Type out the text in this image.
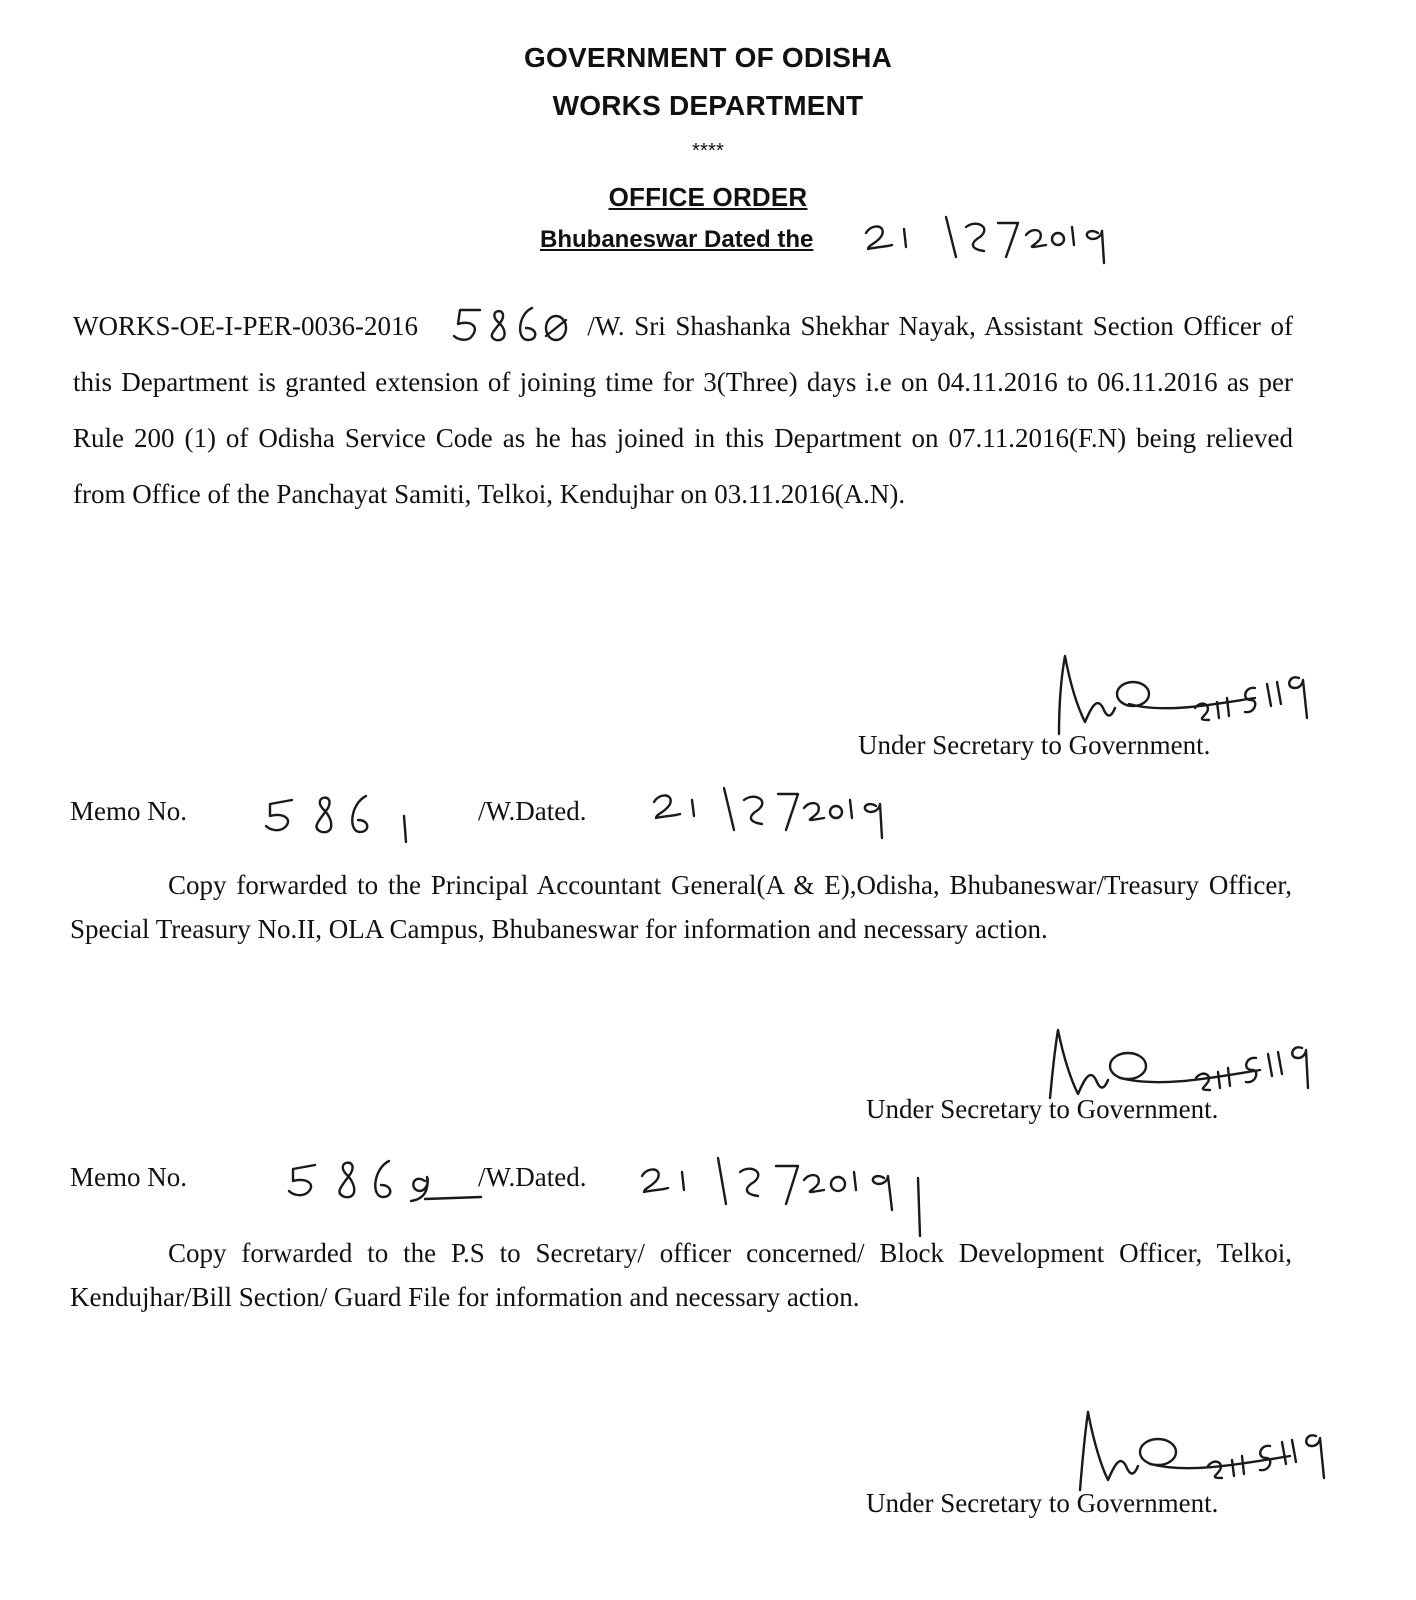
GOVERNMENT OF ODISHA
WORKS DEPARTMENT
****
OFFICE ORDER
Bhubaneswar Dated the
WORKS-OE-I-PER-0036-2016	/W. Sri Shashanka Shekhar Nayak, Assistant Section Officer of this Department is granted extension of joining time for 3(Three) days i.e on 04.11.2016 to 06.11.2016 as per Rule 200 (1) of Odisha Service Code as he has joined in this Department on 07.11.2016(F.N) being relieved from Office of the Panchayat Samiti, Telkoi, Kendujhar on 03.11.2016(A.N).
Under Secretary to Government.
Memo No.	/W.Dated.

Copy forwarded to the Principal Accountant General(A & E),Odisha, Bhubaneswar/Treasury Officer, Special Treasury No.II, OLA Campus, Bhubaneswar for information and necessary action.

Under Secretary to Government.
Memo No.	/W.Dated.

Copy forwarded to the P.S to Secretary/ officer concerned/ Block Development Officer, Telkoi, Kendujhar/Bill Section/ Guard File for information and necessary action.

Under Secretary to Government.
